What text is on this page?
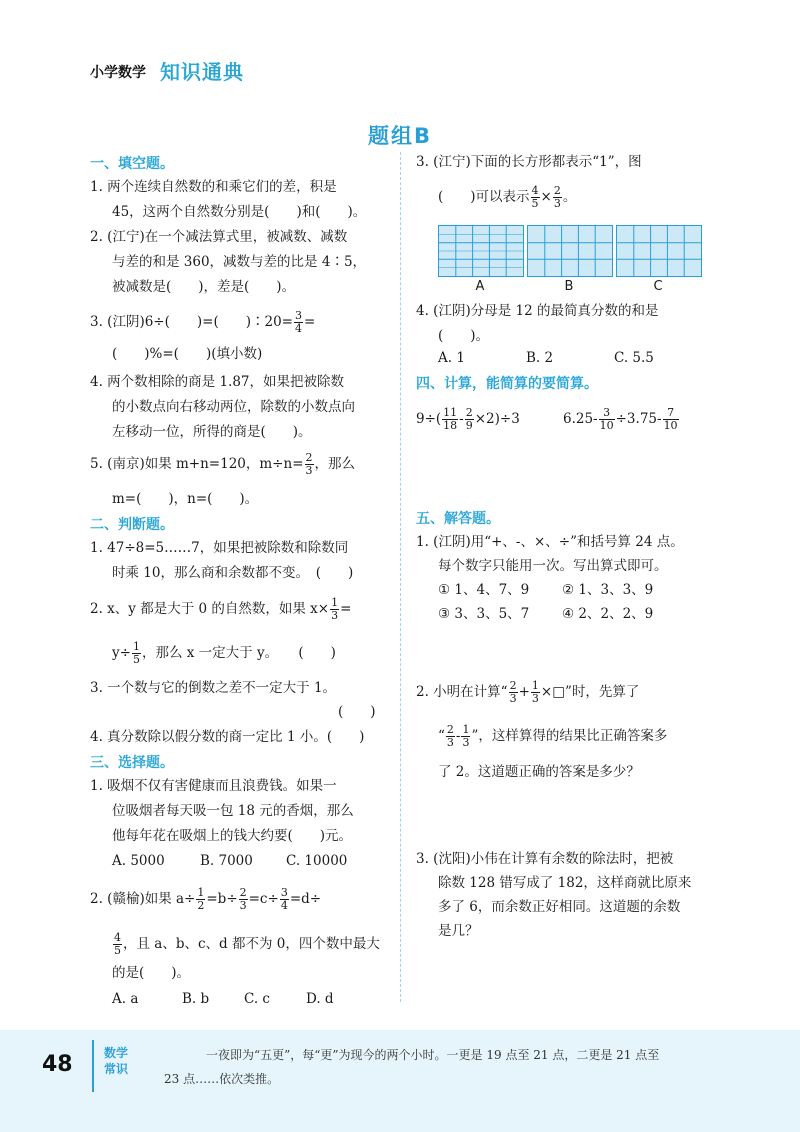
小学数学 知识通典
题组B
一、填空题。
1. 两个连续自然数的和乘它们的差，积是
45，这两个自然数分别是(　　)和(　　)。
2. (江宁)在一个减法算式里，被减数、减数
与差的和是 360，减数与差的比是 4∶5，
被减数是(　　)，差是(　　)。
3. (江阴)6÷(　　)=(　　)∶20= $\frac{3}{4}$ =
(　　)%=(　　)(填小数)
4. 两个数相除的商是 1.87，如果把被除数
的小数点向右移动两位，除数的小数点向
左移动一位，所得的商是(　　)。
5. (南京)如果 m+n=120，$m\div n= \frac{2}{3}$ ，那么
m=(　　)，n=(　　)。
二、判断题。
1. 47÷8=5……7，如果把被除数和除数同
时乘 10，那么商和余数都不变。　(　　)
2. x、y 都是大于 0 的自然数，如果 $x\times \frac{1}{3}$ =
$y\div \frac{1}{5}$ ，那么 x 一定大于 y。　　(　　)
3. 一个数与它的倒数之差不一定大于 1。
(　　)
4. 真分数除以假分数的商一定比 1 小。(　　)
三、选择题。
1. 吸烟不仅有害健康而且浪费钱。如果一
位吸烟者每天吸一包 18 元的香烟，那么
他每年花在吸烟上的钱大约要(　　)元。
A. 5000	B. 7000 C. 10000
2. (赣榆)如果 $a\div \frac{1}{2} =b\div \frac{2}{3} =c\div \frac{3}{4} =d\div$
$\frac{4}{5}$ ，且 a、b、c、d 都不为 0，四个数中最大
的是(　　)。
A. a	B. b	C. c	D. d
3. (江宁)下面的长方形都表示“1”，图
(　　)可以表示 $\frac{4}{5} \times \frac{2}{3}$ 。
A	B	C
4. (江阴)分母是 12 的最简真分数的和是
(　　)。
A. 1	B. 2	C. 5.5
四、计算，能简算的要简算。
$9\div( \frac{11}{18} - \frac{2}{9} \times 2)\div 3$	$6.25- \frac{3}{10} \div 3.75- \frac{7}{10}$
五、解答题。
1. (江阴)用“+、-、×、÷”和括号算 24 点。
每个数字只能用一次。写出算式即可。
① 1、4、7、9 ② 1、3、3、9
③ 3、3、5、7 ④ 2、2、2、9
2. 小明在计算“ $\frac{2}{3} + \frac{1}{3}$ ×□”时，先算了
“ $\frac{2}{3} - \frac{1}{3}$ ”，这样算得的结果比正确答案多
了 2。这道题正确的答案是多少？
3. (沈阳)小伟在计算有余数的除法时，把被
除数 128 错写成了 182，这样商就比原来
多了 6，而余数正好相同。这道题的余数
是几？
48	数学常识
一夜即为“五更”，每“更”为现今的两个小时。一更是 19 点至 21 点，二更是 21 点至
23 点……依次类推。
